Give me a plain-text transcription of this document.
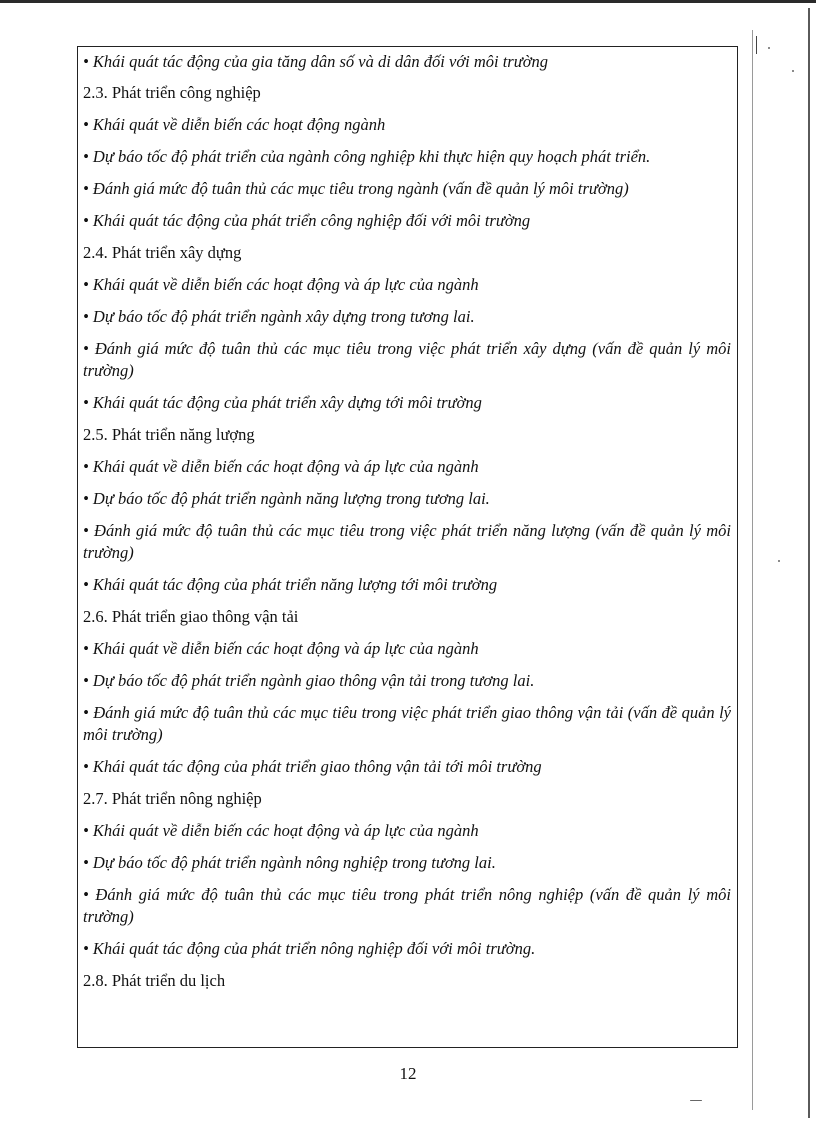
• Khái quát tác động của gia tăng dân số và di dân đối với môi trường
2.3. Phát triển công nghiệp
• Khái quát về diễn biến các hoạt động ngành
• Dự báo tốc độ phát triển của ngành công nghiệp khi thực hiện quy hoạch phát triển.
• Đánh giá mức độ tuân thủ các mục tiêu trong ngành (vấn đề quản lý môi trường)
• Khái quát tác động của phát triển công nghiệp đối với môi trường
2.4. Phát triển xây dựng
• Khái quát về diễn biến các hoạt động và áp lực của ngành
• Dự báo tốc độ phát triển ngành xây dựng trong tương lai.
• Đánh giá mức độ tuân thủ các mục tiêu trong việc phát triển xây dựng (vấn đề quản lý môi trường)
• Khái quát tác động của phát triển xây dựng tới môi trường
2.5. Phát triển năng lượng
• Khái quát về diễn biến các hoạt động và áp lực của ngành
• Dự báo tốc độ phát triển ngành năng lượng trong tương lai.
• Đánh giá mức độ tuân thủ các mục tiêu trong việc phát triển năng lượng (vấn đề quản lý môi trường)
• Khái quát tác động của phát triển năng lượng tới môi trường
2.6. Phát triển giao thông vận tải
• Khái quát về diễn biến các hoạt động và áp lực của ngành
• Dự báo tốc độ phát triển ngành giao thông vận tải trong tương lai.
• Đánh giá mức độ tuân thủ các mục tiêu trong việc phát triển giao thông vận tải (vấn đề quản lý môi trường)
• Khái quát tác động của phát triển giao thông vận tải tới môi trường
2.7. Phát triển nông nghiệp
• Khái quát về diễn biến các hoạt động và áp lực của ngành
• Dự báo tốc độ phát triển ngành nông nghiệp trong tương lai.
• Đánh giá mức độ tuân thủ các mục tiêu trong phát triển nông nghiệp (vấn đề quản lý môi trường)
• Khái quát tác động của phát triển nông nghiệp đối với môi trường.
2.8. Phát triển du lịch
12
